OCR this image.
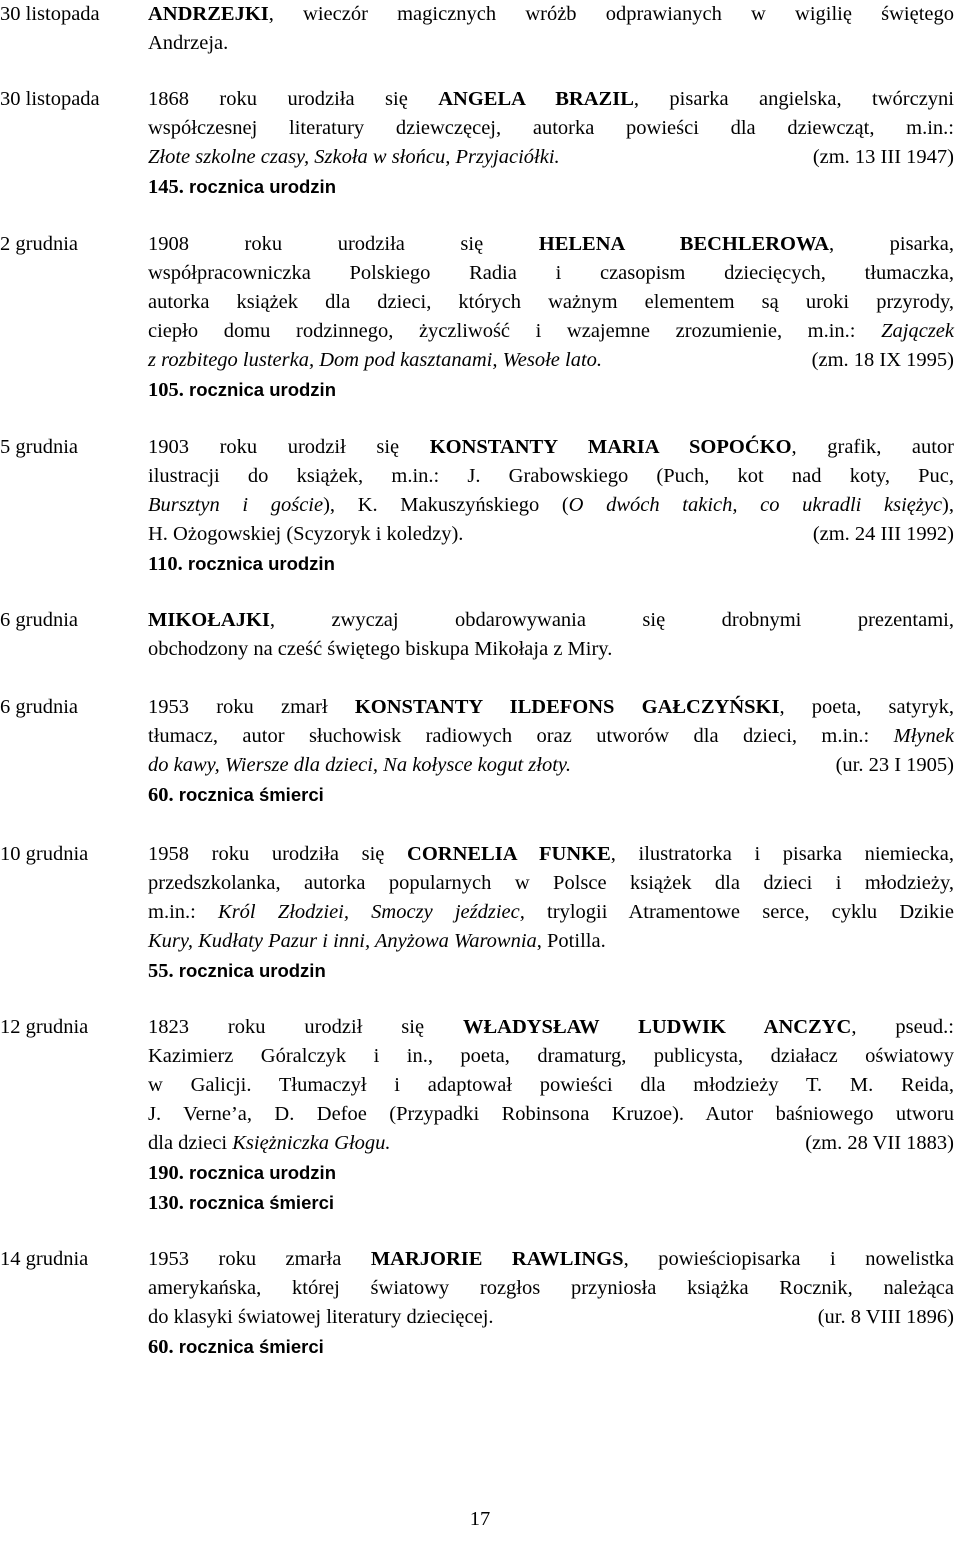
30 listopada	ANDRZEJKI, wieczór magicznych wróżb odprawianych w wigilię świętego
Andrzeja.
30 listopada	1868 roku urodziła się ANGELA BRAZIL, pisarka angielska, twórczyni
współczesnej literatury dziewczęcej, autorka powieści dla dziewcząt, m.in.:
(zm. 13 III 1947)
Złote szkolne czasy, Szkoła w słońcu, Przyjaciółki.
145. rocznica urodzin
2 grudnia	1908 roku urodziła się HELENA BECHLEROWA, pisarka,
współpracowniczka Polskiego Radia i czasopism dziecięcych, tłumaczka,
autorka książek dla dzieci, których ważnym elementem są uroki przyrody,
ciepło domu rodzinnego, życzliwość i wzajemne zrozumienie, m.in.: Zajączek
(zm. 18 IX 1995)
z rozbitego lusterka, Dom pod kasztanami, Wesołe lato.
105. rocznica urodzin
5 grudnia	1903 roku urodził się KONSTANTY MARIA SOPOĆKO, grafik, autor
ilustracji do książek, m.in.: J. Grabowskiego (Puch, kot nad koty, Puc,
Bursztyn i goście), K. Makuszyńskiego (O dwóch takich, co ukradli księżyc),
(zm. 24 III 1992)
H. Ożogowskiej (Scyzoryk i koledzy).
110. rocznica urodzin
6 grudnia	MIKOŁAJKI, zwyczaj obdarowywania się drobnymi prezentami,
obchodzony na cześć świętego biskupa Mikołaja z Miry.
6 grudnia	1953 roku zmarł KONSTANTY ILDEFONS GAŁCZYŃSKI, poeta, satyryk,
tłumacz, autor słuchowisk radiowych oraz utworów dla dzieci, m.in.: Młynek
(ur. 23 I 1905)
do kawy, Wiersze dla dzieci, Na kołysce kogut złoty.
60. rocznica śmierci
10 grudnia	1958 roku urodziła się CORNELIA FUNKE, ilustratorka i pisarka niemiecka,
przedszkolanka, autorka popularnych w Polsce książek dla dzieci i młodzieży,
m.in.: Król Złodziei, Smoczy jeździec, trylogii Atramentowe serce, cyklu Dzikie
Kury, Kudłaty Pazur i inni, Anyżowa Warownia, Potilla.
55. rocznica urodzin
12 grudnia	1823 roku urodził się WŁADYSŁAW LUDWIK ANCZYC, pseud.:
Kazimierz Góralczyk i in., poeta, dramaturg, publicysta, działacz oświatowy
w Galicji. Tłumaczył i adaptował powieści dla młodzieży T. M. Reida,
J. Verne’a, D. Defoe (Przypadki Robinsona Kruzoe). Autor baśniowego utworu
(zm. 28 VII 1883)
dla dzieci Księżniczka Głogu.
190. rocznica urodzin
130. rocznica śmierci
14 grudnia	1953 roku zmarła MARJORIE RAWLINGS, powieściopisarka i nowelistka
amerykańska, której światowy rozgłos przyniosła książka Rocznik, należąca
(ur. 8 VIII 1896)
do klasyki światowej literatury dziecięcej.
60. rocznica śmierci
17
